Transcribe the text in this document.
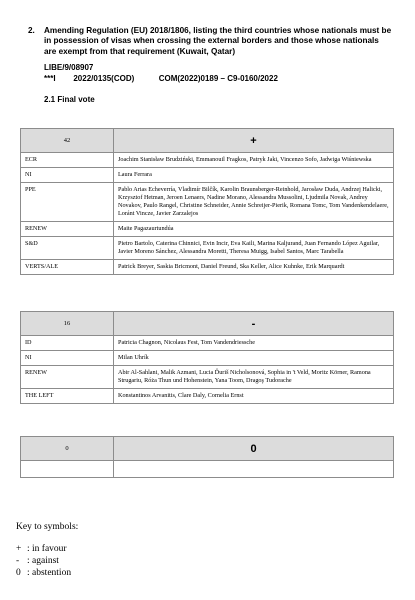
2. Amending Regulation (EU) 2018/1806, listing the third countries whose nationals must be in possession of visas when crossing the external borders and those whose nationals are exempt from that requirement (Kuwait, Qatar)
LIBE/9/08907
***I        2022/0135(COD)           COM(2022)0189 – C9-0160/2022
2.1 Final vote
42	+
ECR	Joachim Stanisław Brudziński, Emmanouil Fragkos, Patryk Jaki, Vincenzo Sofo, Jadwiga Wiśniewska
NI	Laura Ferrara
PPE	Pablo Arias Echeverría, Vladimír Bilčík, Karolin Braunsberger-Reinhold, Jarosław Duda, Andrzej Halicki, Krzysztof Hetman, Jeroen Lenaers, Nadine Morano, Alessandra Mussolini, Ljudmila Novak, Andrey Novakov, Paulo Rangel, Christine Schneider, Annie Schreijer-Pierik, Romana Tomc, Tom Vandenkendelaere, Loránt Vincze, Javier Zarzalejos
RENEW	Maite Pagazaurtundúa
S&D	Pietro Bartolo, Caterina Chinnici, Evin Incir, Eva Kaili, Marina Kaljurand, Juan Fernando López Aguilar, Javier Moreno Sánchez, Alessandra Moretti, Theresa Muigg, Isabel Santos, Marc Tarabella
VERTS/ALE	Patrick Breyer, Saskia Bricmont, Daniel Freund, Ska Keller, Alice Kuhnke, Erik Marquardt
16	-
ID	Patricia Chagnon, Nicolaus Fest, Tom Vandendriessche
NI	Milan Uhrík
RENEW	Abir Al-Sahlani, Malik Azmani, Lucia Ďuriš Nicholsonová, Sophia in 't Veld, Moritz Körner, Ramona Strugariu, Róża Thun und Hohenstein, Yana Toom, Dragoş Tudorache
THE LEFT	Konstantinos Arvanitis, Clare Daly, Cornelia Ernst
0	0

Key to symbols:
+ : in favour
- : against
0 : abstention
